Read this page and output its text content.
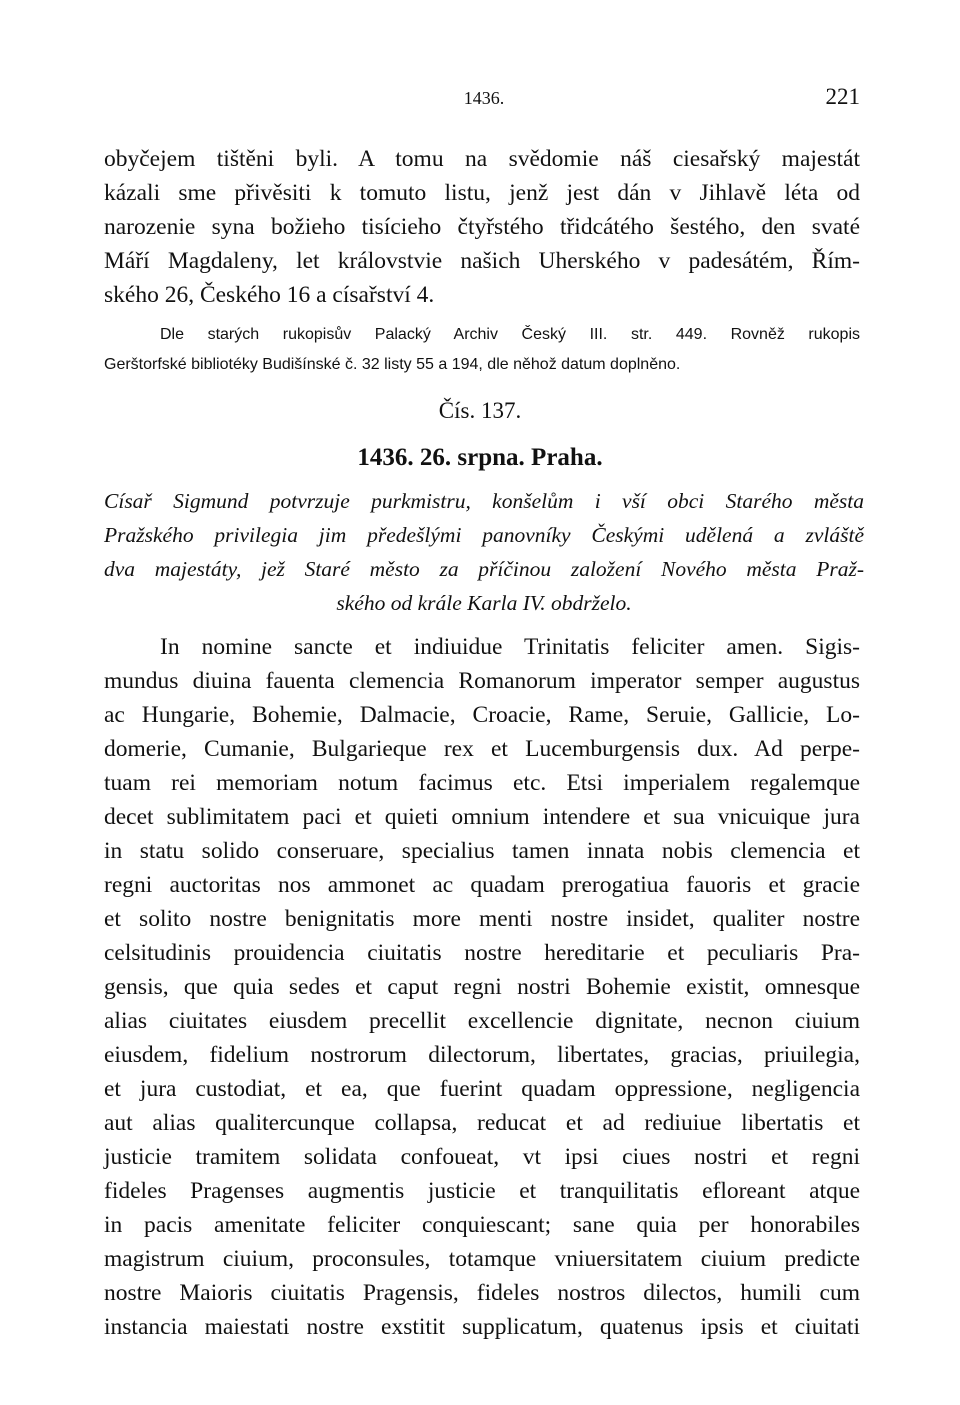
1436.	221
obyčejem tištěni byli. A tomu na svědomie náš ciesařský majestát
kázali sme přivěsiti k tomuto listu, jenž jest dán v Jihlavě léta od
narozenie syna božieho tisícieho čtyřstého třidcátého šestého, den svaté
Máří Magdaleny, let královstvie našich Uherského v padesátém, Řím-
ského 26, Českého 16 a císařství 4.
Dle starých rukopisův Palacký Archiv Český III. str. 449. Rovněž rukopis
Gerštorfské bibliotéky Budišínské č. 32 listy 55 a 194, dle něhož datum doplněno.
Čís. 137.
1436. 26. srpna. Praha.
Císař Sigmund potvrzuje purkmistru, konšelům i vší obci Starého města
Pražského privilegia jim předešlými panovníky Českými udělená a zvláště
dva majestáty, jež Staré město za příčinou založení Nového města Praž-
ského od krále Karla IV. obdrželo.
In nomine sancte et indiuidue Trinitatis feliciter amen. Sigis-
mundus diuina fauenta clemencia Romanorum imperator semper augustus
ac Hungarie, Bohemie, Dalmacie, Croacie, Rame, Seruie, Gallicie, Lo-
domerie, Cumanie, Bulgarieque rex et Lucemburgensis dux. Ad perpe-
tuam rei memoriam notum facimus etc. Etsi imperialem regalemque
decet sublimitatem paci et quieti omnium intendere et sua vnicuique jura
in statu solido conseruare, specialius tamen innata nobis clemencia et
regni auctoritas nos ammonet ac quadam prerogatiua fauoris et gracie
et solito nostre benignitatis more menti nostre insidet, qualiter nostre
celsitudinis prouidencia ciuitatis nostre hereditarie et peculiaris Pra-
gensis, que quia sedes et caput regni nostri Bohemie existit, omnesque
alias ciuitates eiusdem precellit excellencie dignitate, necnon ciuium
eiusdem, fidelium nostrorum dilectorum, libertates, gracias, priuilegia,
et jura custodiat, et ea, que fuerint quadam oppressione, negligencia
aut alias qualitercunque collapsa, reducat et ad rediuiue libertatis et
justicie tramitem solidata confoueat, vt ipsi ciues nostri et regni
fideles Pragenses augmentis justicie et tranquilitatis efloreant atque
in pacis amenitate feliciter conquiescant; sane quia per honorabiles
magistrum ciuium, proconsules, totamque vniuersitatem ciuium predicte
nostre Maioris ciuitatis Pragensis, fideles nostros dilectos, humili cum
instancia maiestati nostre exstitit supplicatum, quatenus ipsis et ciuitati
